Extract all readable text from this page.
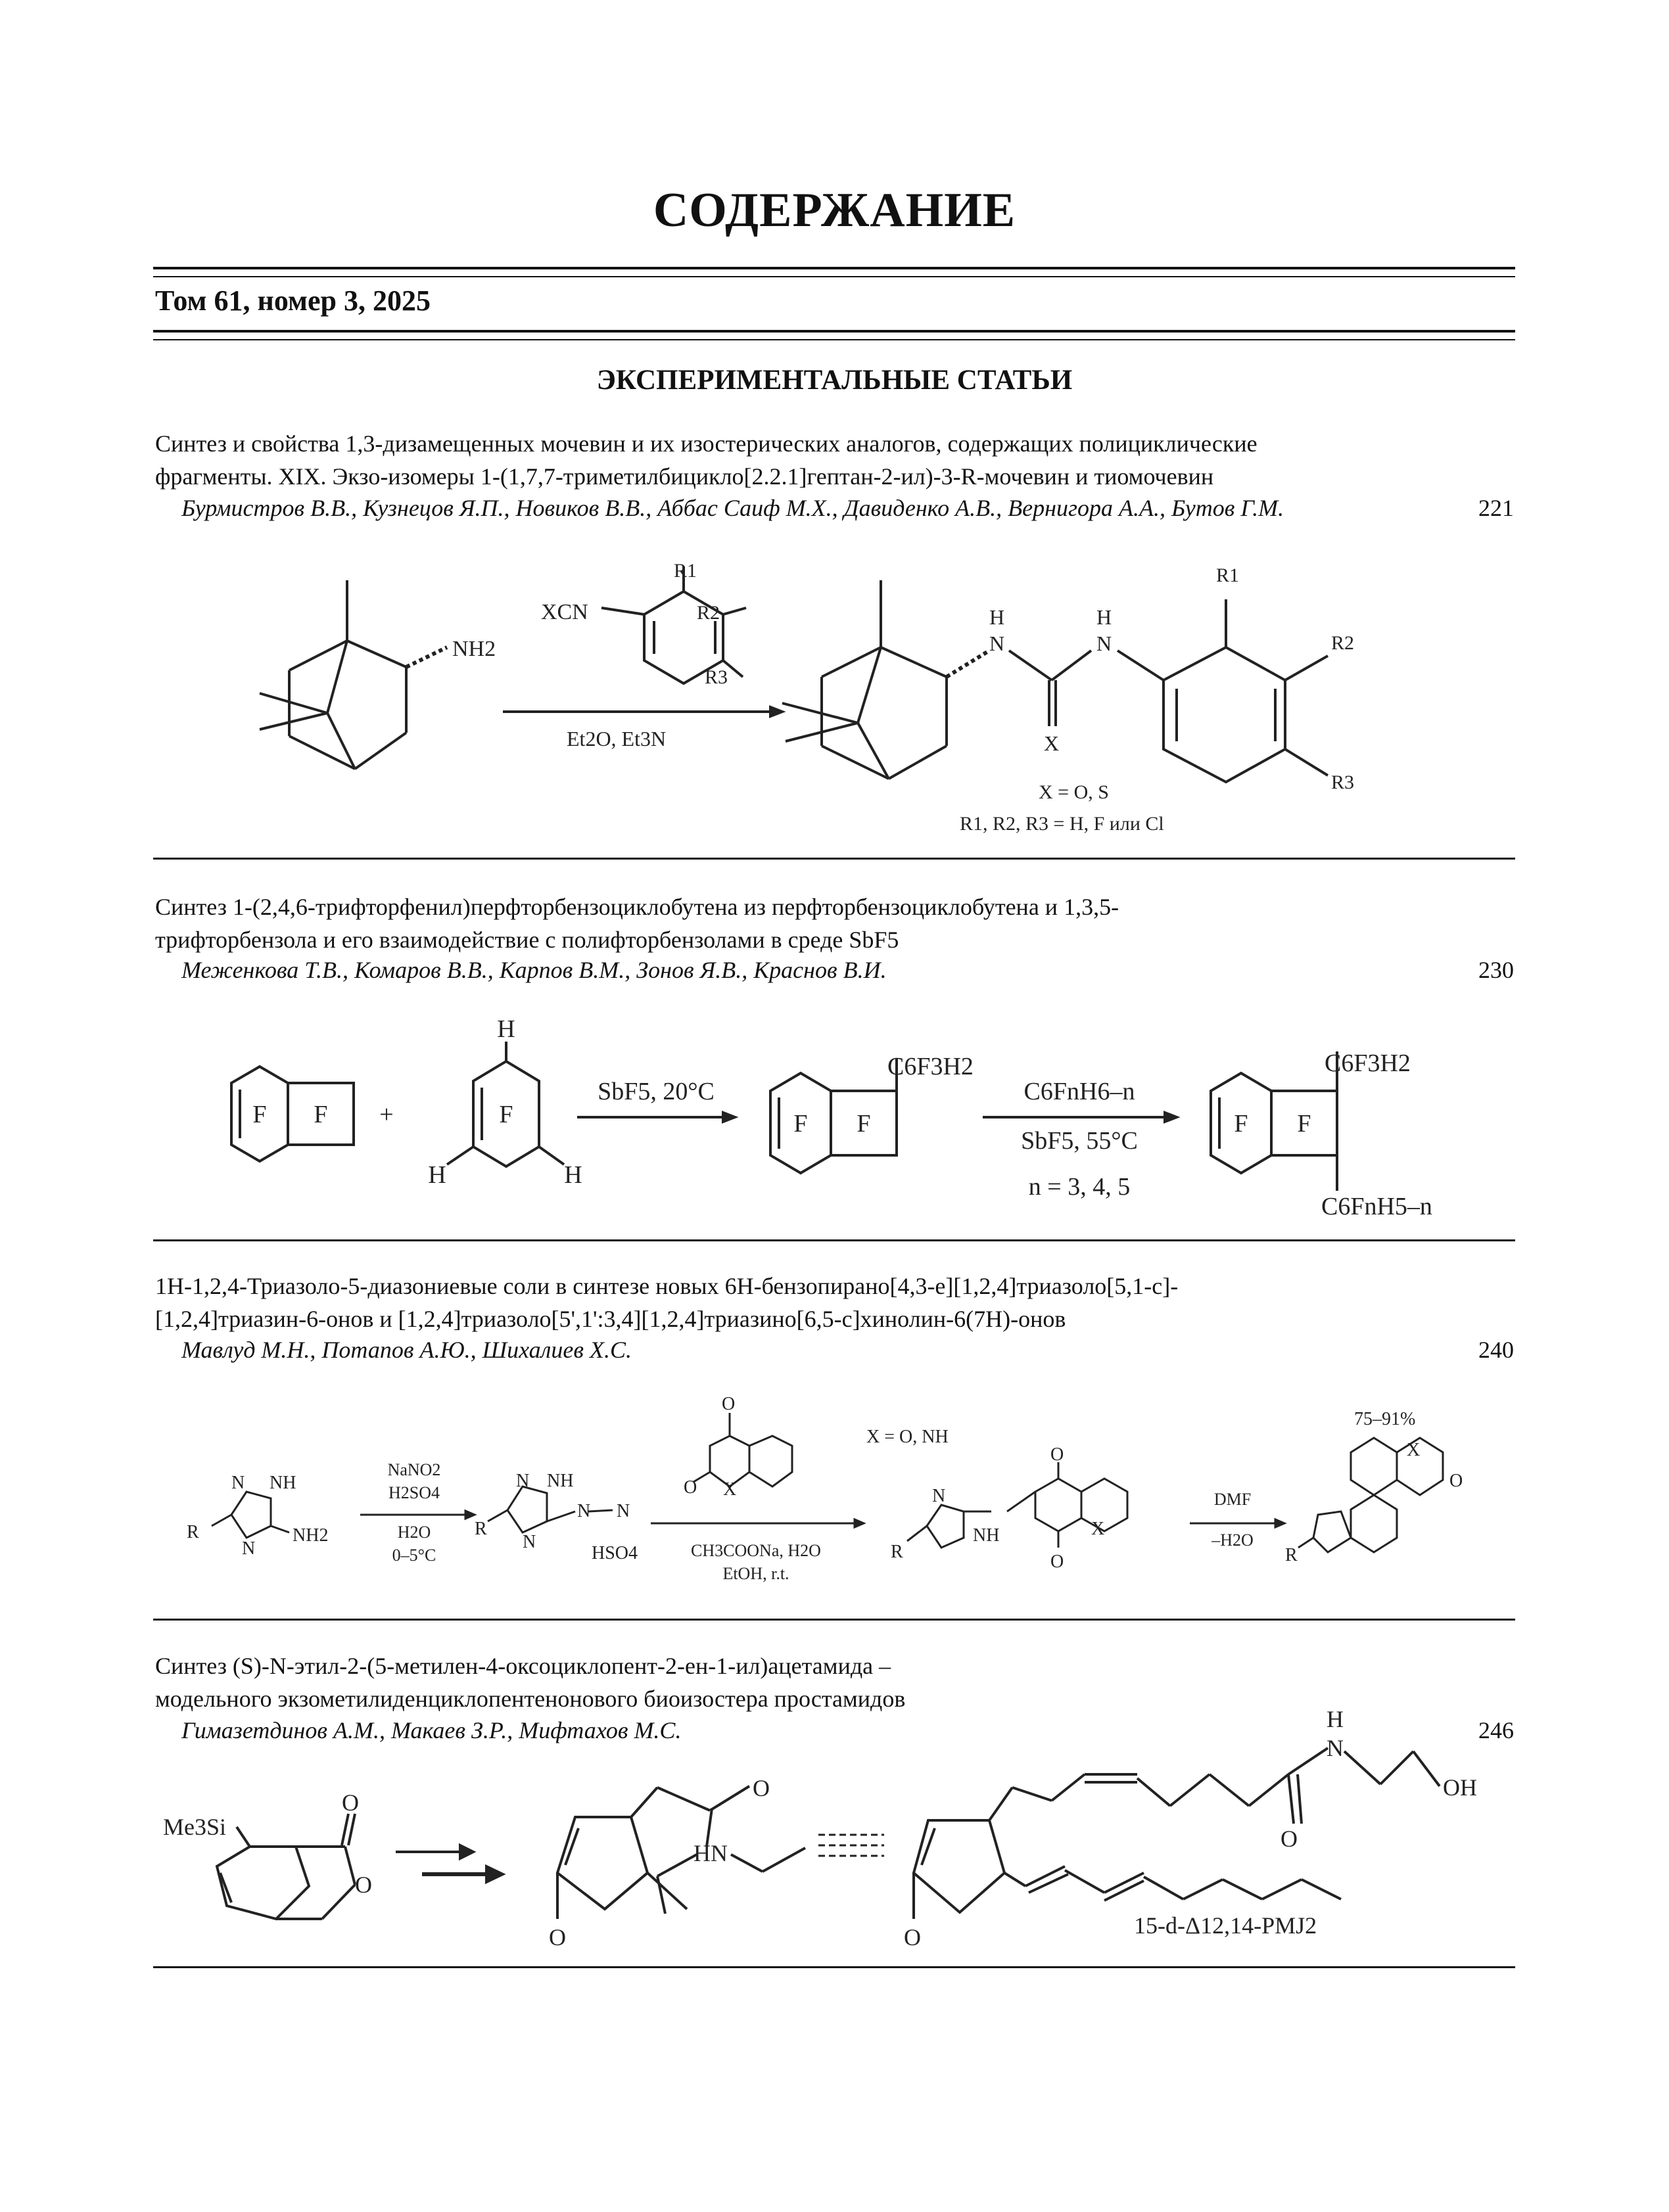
СОДЕРЖАНИЕ
Том 61, номер 3, 2025
ЭКСПЕРИМЕНТАЛЬНЫЕ СТАТЬИ
Синтез и свойства 1,3-дизамещенных мочевин и их изостерических аналогов, содержащих полициклические
фрагменты. XIX. Экзо-изомеры 1-(1,7,7-триметилбицикло[2.2.1]гептан-2-ил)-3-R-мочевин и тиомочевин
Бурмистров В.В., Кузнецов Я.П., Новиков В.В., Аббас Саиф М.Х., Давиденко А.В., Вернигора А.А., Бутов Г.М.	221
NH2
XCN
R1
R2
R3
Et2O, Et3N
H
N
H
N
X
R1
R2
R3
X = O, S
R1, R2, R3 = H, F или Cl
Синтез 1-(2,4,6-трифторфенил)перфторбензоциклобутена из перфторбензоциклобутена и 1,3,5-
трифторбензола и его взаимодействие с полифторбензолами в среде SbF5
Меженкова Т.В., Комаров В.В., Карпов В.М., Зонов Я.В., Краснов В.И.	230
F F +
H
F
H	H
SbF5, 20°C
F F
C6F3H2
C6FnH6–n
SbF5, 55°C
n = 3, 4, 5
F F
C6F3H2
C6FnH5–n
1H-1,2,4-Триазоло-5-диазониевые соли в синтезе новых 6H-бензопирано[4,3-e][1,2,4]триазоло[5,1-c]-
[1,2,4]триазин-6-онов и [1,2,4]триазоло[5',1':3,4][1,2,4]триазино[6,5-c]хинолин-6(7H)-онов
Мавлуд М.Н., Потапов А.Ю., Шихалиев Х.С.	240
R
N NH
N
NH2
NaNO2
H2SO4
H2O
0–5°C
R
N NH
N
N N
HSO4
O
O X
CH3COONa, H2O
EtOH, r.t.
X = O, NH
R
N
NH
O
O
X
DMF
–H2O
75–91%
X
O
R
Синтез (S)-N-этил-2-(5-метилен-4-оксоциклопент-2-ен-1-ил)ацетамида –
модельного экзометилиденциклопентенонового биоизостера простамидов
Гимазетдинов А.М., Макаев З.Р., Мифтахов М.С.	246
Me3Si
O
O
O
HN
O
O
H
N
OH
O	15-d-Δ12,14-PMJ2
